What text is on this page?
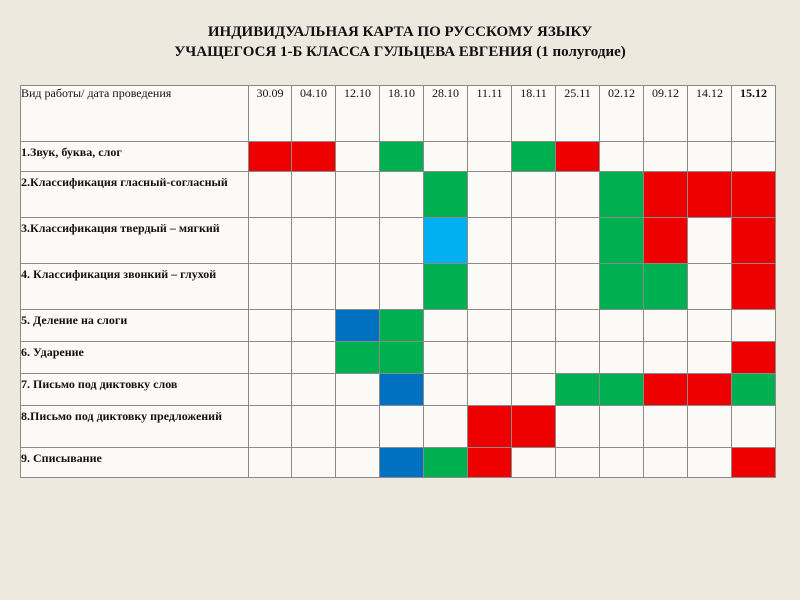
ИНДИВИДУАЛЬНАЯ КАРТА ПО РУССКОМУ ЯЗЫКУ
УЧАЩЕГОСЯ 1-Б КЛАССА ГУЛЬЦЕВА ЕВГЕНИЯ (1 полугодие)
Вид работы/ дата проведения	30.09	04.10	12.10	18.10	28.10	11.11	18.11	25.11	02.12	09.12	14.12	15.12
1.Звук, буква, слог												
2.Классификация гласный-согласный												
3.Классификация твердый – мягкий												
4. Классификация звонкий – глухой												
5. Деление на слоги												
6. Ударение												
7. Письмо под диктовку слов												
8.Письмо под диктовку предложений												
9. Списывание												
